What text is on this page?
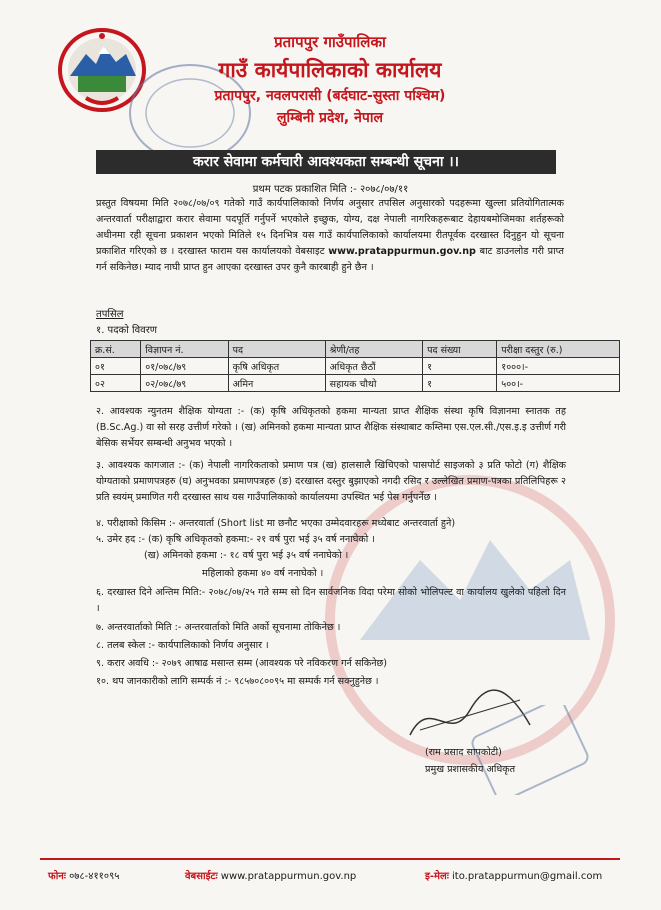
प्रतापपुर गाउँपालिका
गाउँ कार्यपालिकाको कार्यालय
प्रतापपुर, नवलपरासी (बर्दघाट-सुस्ता पश्चिम)
लुम्बिनी प्रदेश, नेपाल
करार सेवामा कर्मचारी आवश्यकता सम्बन्धी सूचना ।।
प्रथम पटक प्रकाशित मिति :- २०७८/०७/११
प्रस्तुत विषयमा मिति २०७८/०७/०९ गतेको गाउँ कार्यपालिकाको निर्णय अनुसार तपसिल अनुसारको पदहरूमा खुल्ला प्रतियोगितात्मक अन्तरवार्ता परीक्षाद्वारा करार सेवामा पदपूर्ति गर्नुपर्ने भएकोले इच्छुक, योग्य, दक्ष नेपाली नागरिकहरूबाट देहायबमोजिमका शर्तहरूको अधीनमा रही सूचना प्रकाशन भएको मितिले १५ दिनभित्र यस गाउँ कार्यपालिकाको कार्यालयमा रीतपूर्वक दरखास्त दिनुहुन यो सूचना प्रकाशित गरिएको छ । दरखास्त फाराम यस कार्यालयको वेबसाइट www.pratappurmun.gov.np बाट डाउनलोड गरी प्राप्त गर्न सकिनेछ। म्याद नाघी प्राप्त हुन आएका दरखास्त उपर कुनै कारबाही हुने छैन ।
तपसिल
१. पदको विवरण
क्र.सं.	विज्ञापन नं.	पद	श्रेणी/तह	पद संख्या	परीक्षा दस्तुर (रु.)
०१	०१/०७८/७९	कृषि अधिकृत	अधिकृत छैठौं	१	१०००।-
०२	०२/०७८/७९	अमिन	सहायक चौथो	१	५००।-
२. आवश्यक न्युनतम शैक्षिक योग्यता :- (क) कृषि अधिकृतको हकमा मान्यता प्राप्त शैक्षिक संस्था कृषि विज्ञानमा स्नातक तह (B.Sc.Ag.) वा सो सरह उत्तीर्ण गरेको । (ख) अमिनको हकमा मान्यता प्राप्त शैक्षिक संस्थाबाट कम्तिमा एस.एल.सी./एस.इ.इ उत्तीर्ण गरी बेसिक सर्भेयर सम्बन्धी अनुभव भएको ।
३. आवश्यक कागजात :- (क) नेपाली नागरिकताको प्रमाण पत्र (ख) हालसालै खिचिएको पासपोर्ट साइजको ३ प्रति फोटो (ग) शैक्षिक योग्यताको प्रमाणपत्रहरु (घ) अनुभवका प्रमाणपत्रहरु (ङ) दरखास्त दस्तुर बुझाएको नगदी रसिद र उल्लेखित प्रमाण-पत्रका प्रतिलिपिहरू २ प्रति स्वयंम् प्रमाणित गरी दरखास्त साथ यस गाउँपालिकाको कार्यालयमा उपस्थित भई पेस गर्नुपर्नेछ ।
४. परीक्षाको किसिम :- अन्तरवार्ता (Short list मा छनौट भएका उम्मेदवारहरू मध्येबाट अन्तरवार्ता हुने)
५. उमेर हद :- (क) कृषि अधिकृतको हकमा:- २१ वर्ष पुरा भई ३५ वर्ष ननाघेको ।
(ख) अमिनको हकमा :- १८ वर्ष पुरा भई ३५ वर्ष ननाघेको ।
महिलाको हकमा ४० वर्ष ननाघेको ।
६. दरखास्त दिने अन्तिम मिति:- २०७८/०७/२५ गते सम्म सो दिन सार्वजनिक विदा परेमा सोको भोलिपल्ट वा कार्यालय खुलेको पहिलो दिन ।
७. अन्तरवार्ताको मिति :- अन्तरवार्ताको मिति अर्को सूचनामा तोकिनेछ ।
८. तलब स्केल :- कार्यपालिकाको निर्णय अनुसार ।
९. करार अवधि :- २०७९ आषाढ मसान्त सम्म (आवश्यक परे नविकरण गर्न सकिनेछ)
१०. थप जानकारीको लागि सम्पर्क नं :- ९८५७०८००९५ मा सम्पर्क गर्न सक्नुहुनेछ ।
(राम प्रसाद सापकोटी)
प्रमुख प्रशासकीय अधिकृत
फोनः ०७८-४११०९५	वेबसाईटः www.pratappurmun.gov.np	इ-मेलः ito.pratappurmun@gmail.com
